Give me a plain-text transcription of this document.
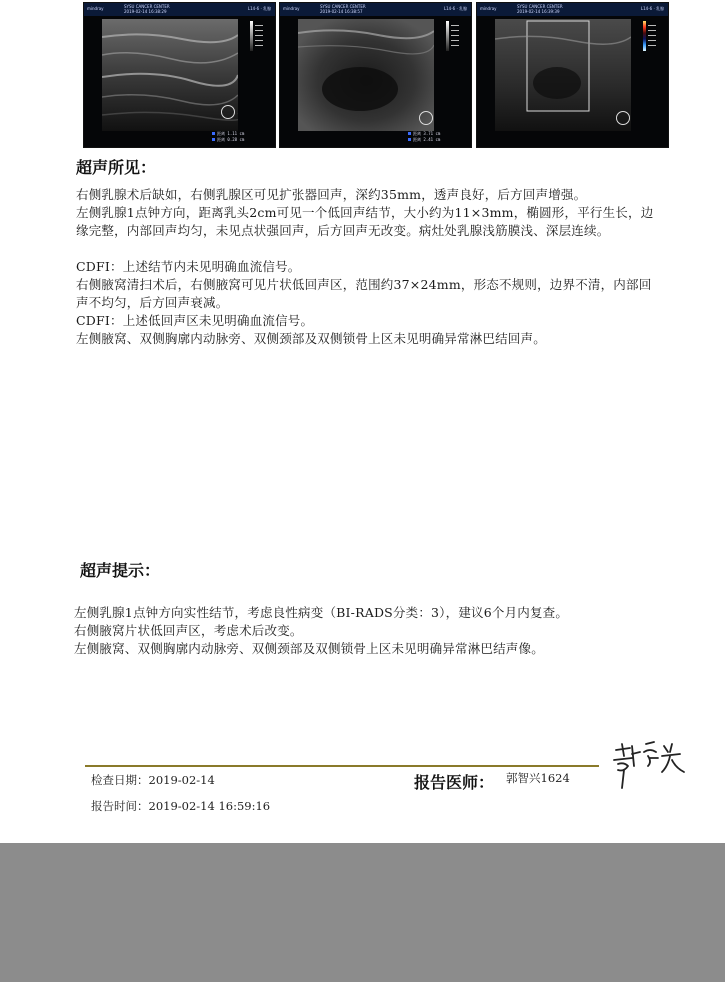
mindray	SYSU CANCER CENTER
2019-02-14 16:38:29
L14-6 · 乳腺
距离 1.11 cm
距离 0.28 cm
mindray	SYSU CANCER CENTER
2019-02-14 16:38:57
L14-6 · 乳腺
距离 3.71 cm
距离 2.41 cm
mindray	SYSU CANCER CENTER
2019-02-14 16:39:39
L14-6 · 乳腺
超声所见：
右侧乳腺术后缺如，右侧乳腺区可见扩张器回声，深约35mm，透声良好，后方回声增强。
左侧乳腺1点钟方向，距离乳头2cm可见一个低回声结节，大小约为11×3mm，椭圆形，平行生长，边缘完整，内部回声均匀，未见点状强回声，后方回声无改变。病灶处乳腺浅筋膜浅、深层连续。
CDFI：上述结节内未见明确血流信号。
右侧腋窝清扫术后，右侧腋窝可见片状低回声区，范围约37×24mm，形态不规则，边界不清，内部回声不均匀，后方回声衰减。
CDFI：上述低回声区未见明确血流信号。
左侧腋窝、双侧胸廓内动脉旁、双侧颈部及双侧锁骨上区未见明确异常淋巴结回声。
超声提示：
左侧乳腺1点钟方向实性结节，考虑良性病变（BI-RADS分类：3），建议6个月内复查。
右侧腋窝片状低回声区，考虑术后改变。
左侧腋窝、双侧胸廓内动脉旁、双侧颈部及双侧锁骨上区未见明确异常淋巴结声像。
检查日期：2019-02-14	报告医师： 郭智兴1624
报告时间：2019-02-14 16:59:16
